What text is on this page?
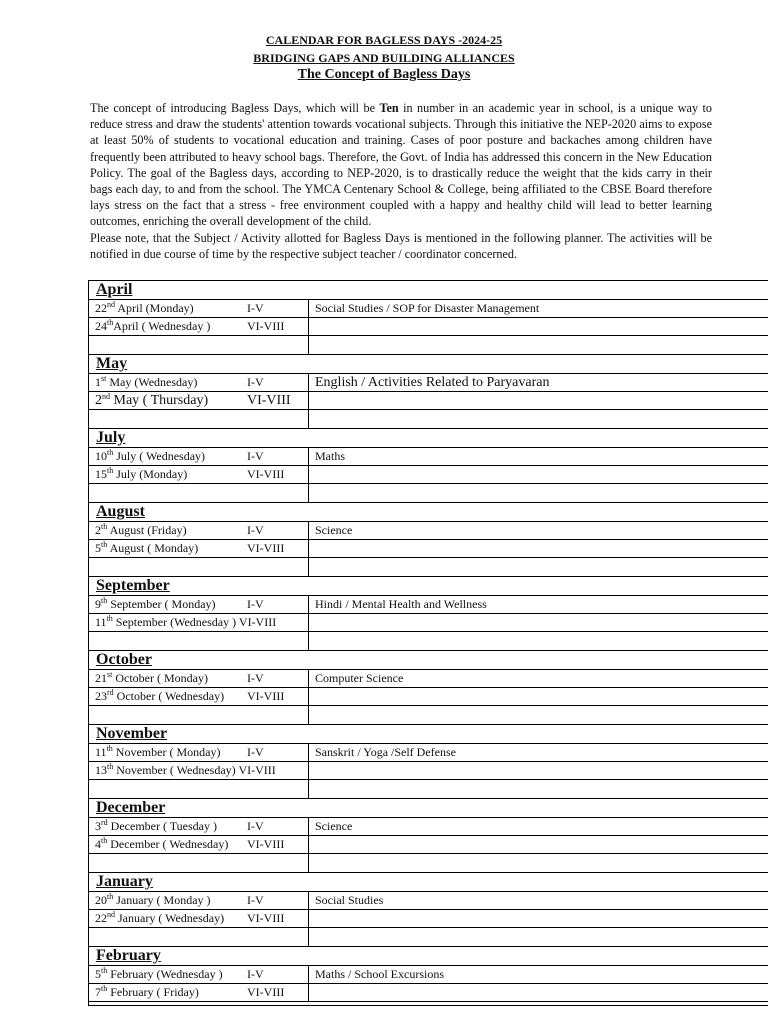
CALENDAR FOR BAGLESS DAYS -2024-25
BRIDGING GAPS AND BUILDING ALLIANCES
The Concept of Bagless Days

The concept of introducing Bagless Days, which will be Ten in number in an academic year in school, is a unique way to reduce stress and draw the students' attention towards vocational subjects. Through this initiative the NEP-2020 aims to expose at least 50% of students to vocational education and training. Cases of poor posture and backaches among children have frequently been attributed to heavy school bags. Therefore, the Govt. of India has addressed this concern in the New Education Policy. The goal of the Bagless days, according to NEP-2020, is to drastically reduce the weight that the kids carry in their bags each day, to and from the school. The YMCA Centenary School & College, being affiliated to the CBSE Board therefore lays stress on the fact that a stress - free environment coupled with a happy and healthy child will lead to better learning outcomes, enriching the overall development of the child.

Please note, that the Subject / Activity allotted for Bagless Days is mentioned in the following planner. The activities will be notified in due course of time by the respective subject teacher / coordinator concerned.

April
22nd April (Monday)	I-V	Social Studies / SOP for Disaster Management
24thApril ( Wednesday )	VI-VIII
May
1st May (Wednesday)	I-V	English / Activities Related to Paryavaran
2nd May ( Thursday)	VI-VIII
July
10th July ( Wednesday)	I-V	Maths
15th July (Monday)	VI-VIII
August
2th August (Friday)	I-V	Science
5th August ( Monday)	VI-VIII
September
9th September ( Monday)	I-V	Hindi / Mental Health and Wellness
11th September (Wednesday ) VI-VIII
October
21st October ( Monday)	I-V	Computer Science
23rd October ( Wednesday) VI-VIII
November
11th November ( Monday) I-V	Sanskrit / Yoga /Self Defense
13th November ( Wednesday) VI-VIII
December
3rd December ( Tuesday )	I-V	Science
4th December ( Wednesday) VI-VIII
January
20th January ( Monday )	I-V	Social Studies
22nd January ( Wednesday) VI-VIII
February
5th February (Wednesday ) I-V	Maths / School Excursions
7th February ( Friday)	VI-VIII
